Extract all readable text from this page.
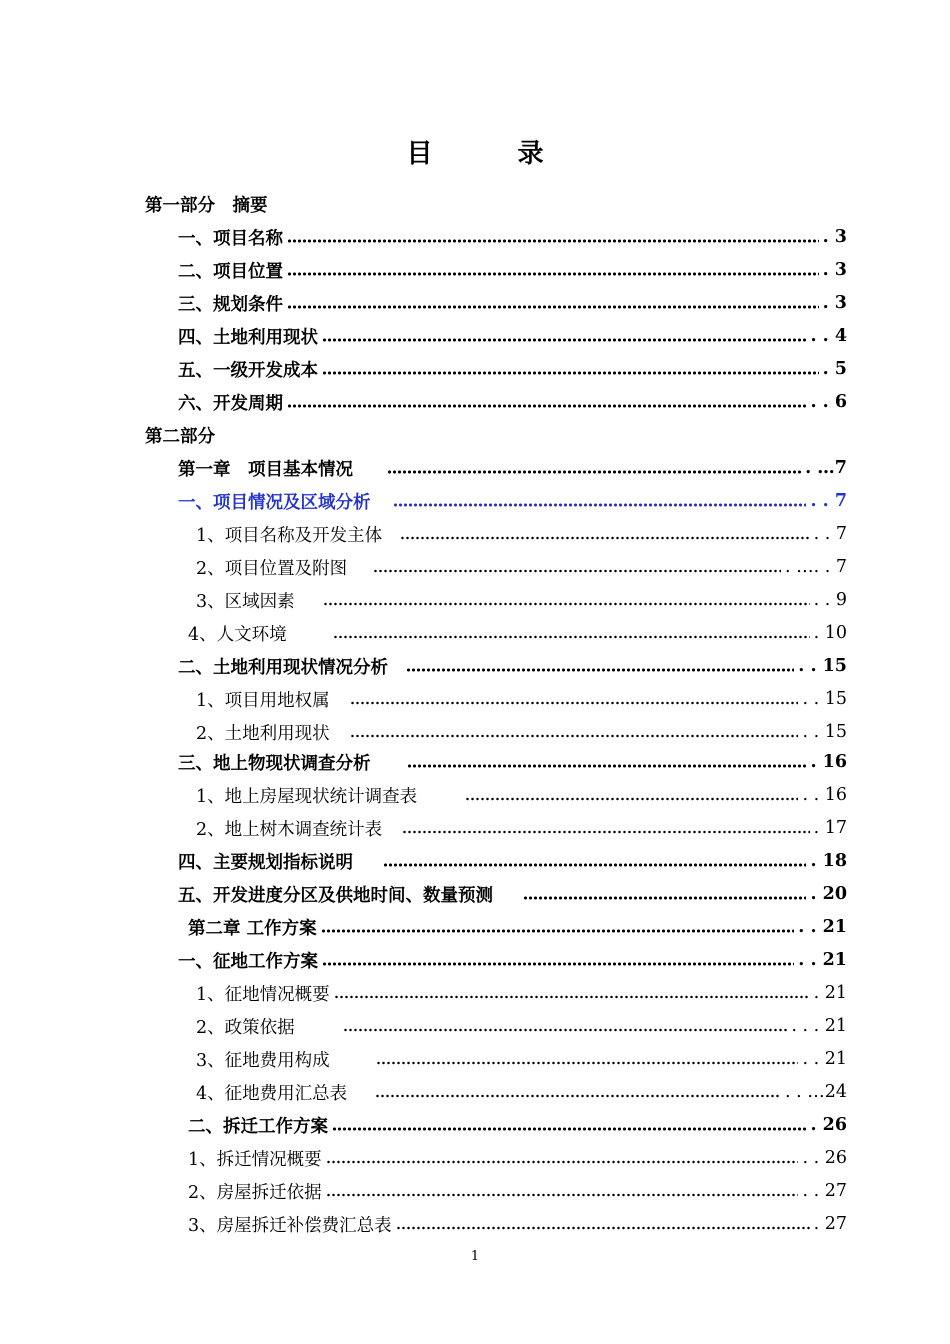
目 录
第一部分　摘要
一、项目名称	. 3
二、项目位置	. 3
三、规划条件	. 3
四、土地利用现状	. . 4
五、一级开发成本	. 5
六、开发周期	. . 6
第二部分
第一章　项目基本情况	. …7
一、项目情况及区域分析	. . 7
1、项目名称及开发主体	. . 7
2、项目位置及附图	. …. . 7
3、区域因素	. . 9
4、人文环境	. 10
二、土地利用现状情况分析	. . 15
1、项目用地权属	. . 15
2、土地利用现状	. . 15
三、地上物现状调查分析	. 16
1、地上房屋现状统计调查表	. . 16
2、地上树木调查统计表	. 17
四、主要规划指标说明	. 18
五、开发进度分区及供地时间、数量预测	. 20
第二章 工作方案	. . 21
一、征地工作方案	. . 21
1、征地情况概要	. 21
2、政策依据	. . . 21
3、征地费用构成	. . 21
4、征地费用汇总表	. . …24
二、拆迁工作方案	. 26
1、拆迁情况概要	. . 26
2、房屋拆迁依据	. . 27
3、房屋拆迁补偿费汇总表	. 27
1
